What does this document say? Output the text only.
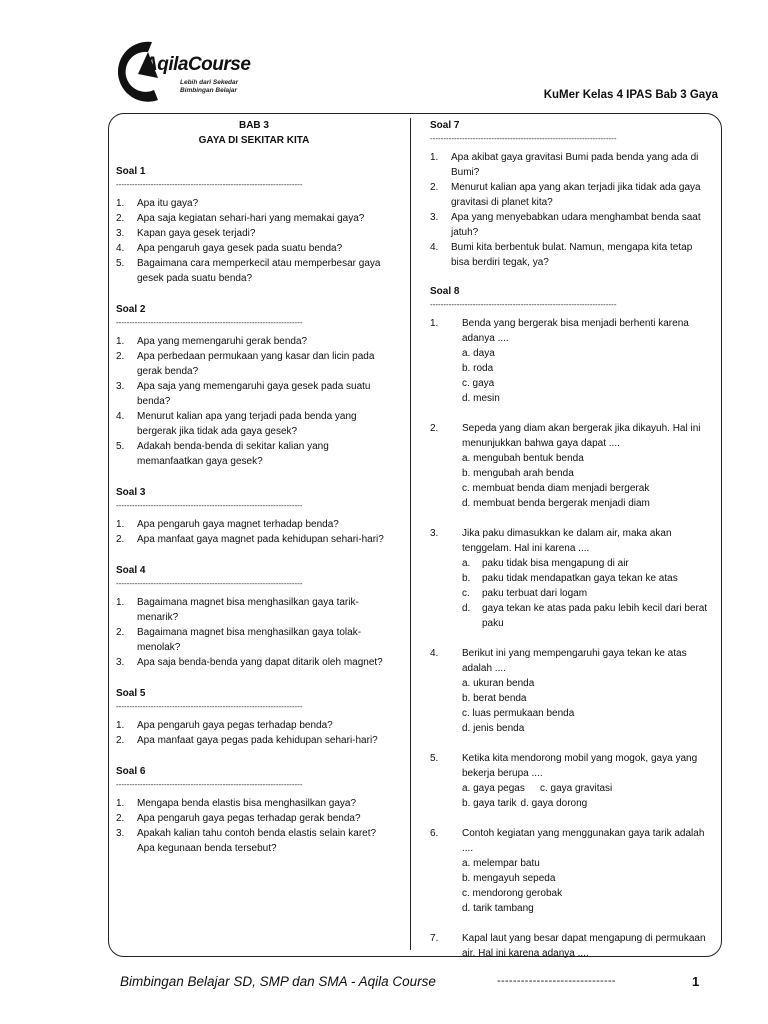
AqilaCourse
Lebih dari Sekedar
Bimbingan Belajar	KuMer Kelas 4 IPAS Bab 3 Gaya
BAB 3
GAYA DI SEKITAR KITA
Soal 1
----------------------------------------------------------------------
1. Apa itu gaya?
2. Apa saja kegiatan sehari-hari yang memakai gaya?
3. Kapan gaya gesek terjadi?
4. Apa pengaruh gaya gesek pada suatu benda?
5. Bagaimana cara memperkecil atau memperbesar gaya gesek pada suatu benda?
Soal 2
----------------------------------------------------------------------
1. Apa yang memengaruhi gerak benda?
2. Apa perbedaan permukaan yang kasar dan licin pada gerak benda?
3. Apa saja yang memengaruhi gaya gesek pada suatu benda?
4. Menurut kalian apa yang terjadi pada benda yang bergerak jika tidak ada gaya gesek?
5. Adakah benda-benda di sekitar kalian yang memanfaatkan gaya gesek?
Soal 3
----------------------------------------------------------------------
1. Apa pengaruh gaya magnet terhadap benda?
2. Apa manfaat gaya magnet pada kehidupan sehari-hari?
Soal 4
----------------------------------------------------------------------
1. Bagaimana magnet bisa menghasilkan gaya tarik-menarik?
2. Bagaimana magnet bisa menghasilkan gaya tolak-menolak?
3. Apa saja benda-benda yang dapat ditarik oleh magnet?
Soal 5
----------------------------------------------------------------------
1. Apa pengaruh gaya pegas terhadap benda?
2. Apa manfaat gaya pegas pada kehidupan sehari-hari?
Soal 6
----------------------------------------------------------------------
1. Mengapa benda elastis bisa menghasilkan gaya?
2. Apa pengaruh gaya pegas terhadap gerak benda?
3. Apakah kalian tahu contoh benda elastis selain karet? Apa kegunaan benda tersebut?
Soal 7
----------------------------------------------------------------------
1. Apa akibat gaya gravitasi Bumi pada benda yang ada di Bumi?
2. Menurut kalian apa yang akan terjadi jika tidak ada gaya gravitasi di planet kita?
3. Apa yang menyebabkan udara menghambat benda saat jatuh?
4. Bumi kita berbentuk bulat. Namun, mengapa kita tetap bisa berdiri tegak, ya?
Soal 8
----------------------------------------------------------------------
1. Benda yang bergerak bisa menjadi berhenti karena adanya ....
a. daya
b. roda
c. gaya
d. mesin
2. Sepeda yang diam akan bergerak jika dikayuh. Hal ini menunjukkan bahwa gaya dapat ....
a. mengubah bentuk benda
b. mengubah arah benda
c. membuat benda diam menjadi bergerak
d. membuat benda bergerak menjadi diam
3. Jika paku dimasukkan ke dalam air, maka akan tenggelam. Hal ini karena ....
a. paku tidak bisa mengapung di air
b. paku tidak mendapatkan gaya tekan ke atas
c. paku terbuat dari logam
d. gaya tekan ke atas pada paku lebih kecil dari berat paku
4. Berikut ini yang mempengaruhi gaya tekan ke atas adalah ....
a. ukuran benda
b. berat benda
c. luas permukaan benda
d. jenis benda
5. Ketika kita mendorong mobil yang mogok, gaya yang bekerja berupa ....
a. gaya pegas c. gaya gravitasi
b. gaya tarik d. gaya dorong
6. Contoh kegiatan yang menggunakan gaya tarik adalah ....
a. melempar batu
b. mengayuh sepeda
c. mendorong gerobak
d. tarik tambang
7. Kapal laut yang besar dapat mengapung di permukaan air. Hal ini karena adanya ....
Bimbingan Belajar SD, SMP dan SMA - Aqila Course	------------------------------	1
